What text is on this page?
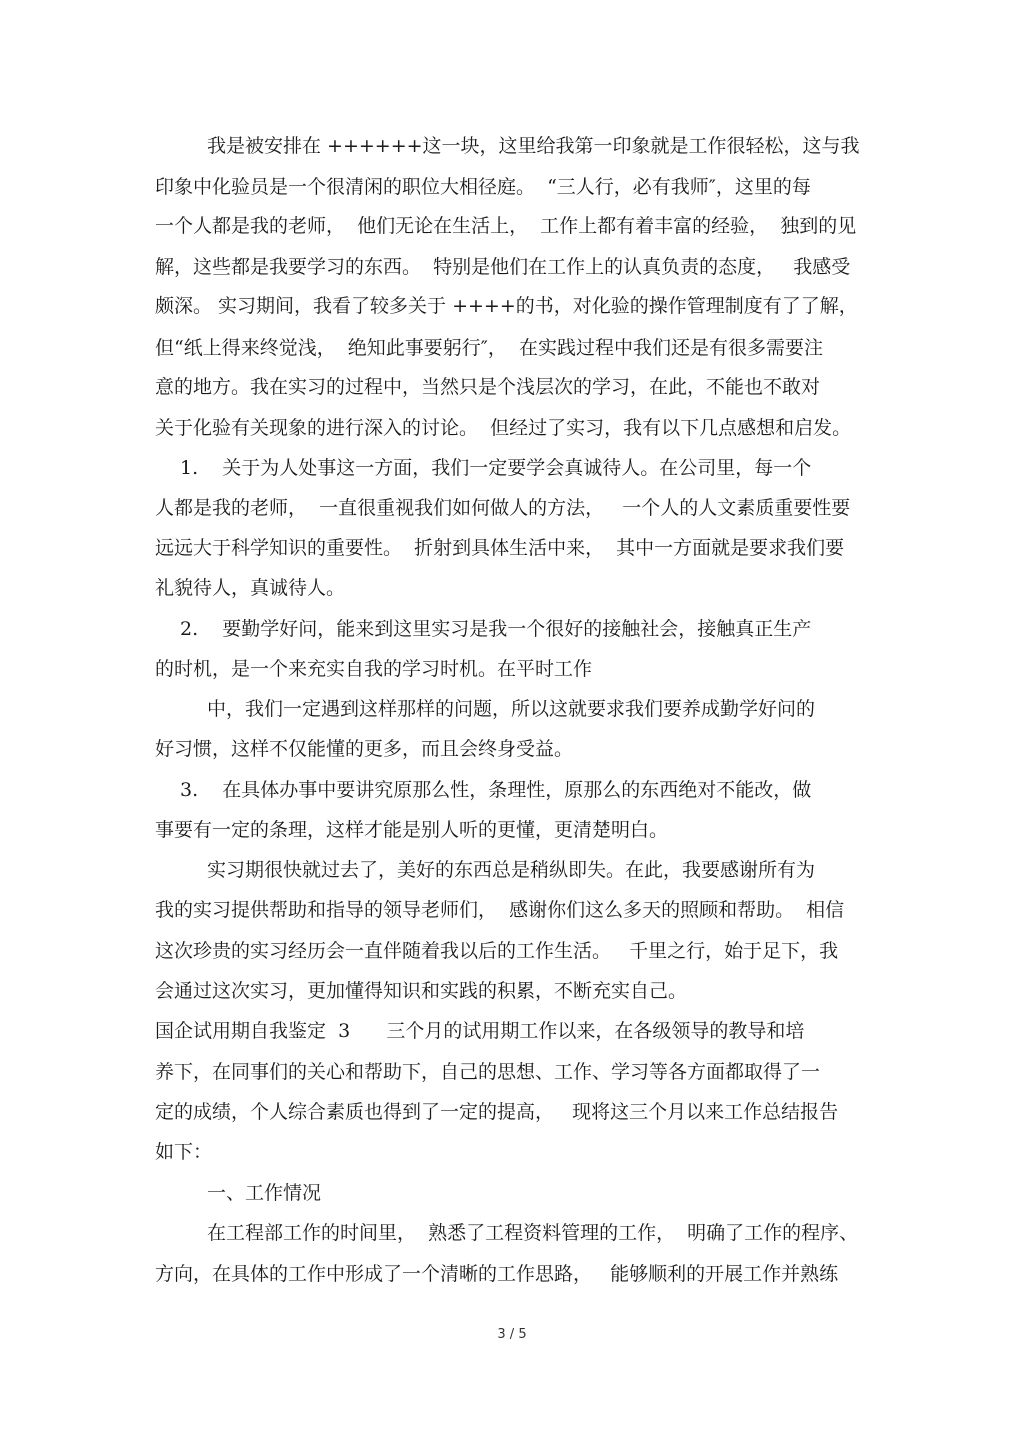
我是被安排在 ++++++这一块，这里给我第一印象就是工作很轻松，这与我
印象中化验员是一个很清闲的职位大相径庭。  “三人行，必有我师″，这里的每
一个人都是我的老师，  他们无论在生活上，  工作上都有着丰富的经验，  独到的见
解，这些都是我要学习的东西。  特别是他们在工作上的认真负责的态度，   我感受
颇深。 实习期间，我看了较多关于 ++++的书，对化验的操作管理制度有了了解，
但“纸上得来终觉浅，  绝知此事要躬行″，  在实践过程中我们还是有很多需要注
意的地方。我在实习的过程中，当然只是个浅层次的学习，在此，不能也不敢对
关于化验有关现象的进行深入的讨论。  但经过了实习，我有以下几点感想和启发。
1.    关于为人处事这一方面，我们一定要学会真诚待人。在公司里，每一个
人都是我的老师，  一直很重视我们如何做人的方法，   一个人的人文素质重要性要
远远大于科学知识的重要性。  折射到具体生活中来，  其中一方面就是要求我们要
礼貌待人，真诚待人。
2.    要勤学好问，能来到这里实习是我一个很好的接触社会，接触真正生产
的时机，是一个来充实自我的学习时机。在平时工作
中，我们一定遇到这样那样的问题，所以这就要求我们要养成勤学好问的
好习惯，这样不仅能懂的更多，而且会终身受益。
3.    在具体办事中要讲究原那么性，条理性，原那么的东西绝对不能改，做
事要有一定的条理，这样才能是别人听的更懂，更清楚明白。
实习期很快就过去了，美好的东西总是稍纵即失。在此，我要感谢所有为
我的实习提供帮助和指导的领导老师们，  感谢你们这么多天的照顾和帮助。  相信
这次珍贵的实习经历会一直伴随着我以后的工作生活。   千里之行，始于足下，我
会通过这次实习，更加懂得知识和实践的积累，不断充实自己。
国企试用期自我鉴定  3      三个月的试用期工作以来，在各级领导的教导和培
养下，在同事们的关心和帮助下，自己的思想、工作、学习等各方面都取得了一
定的成绩，个人综合素质也得到了一定的提高，   现将这三个月以来工作总结报告
如下：
一、工作情况
在工程部工作的时间里，  熟悉了工程资料管理的工作，  明确了工作的程序、
方向，在具体的工作中形成了一个清晰的工作思路，   能够顺利的开展工作并熟练
3 / 5
